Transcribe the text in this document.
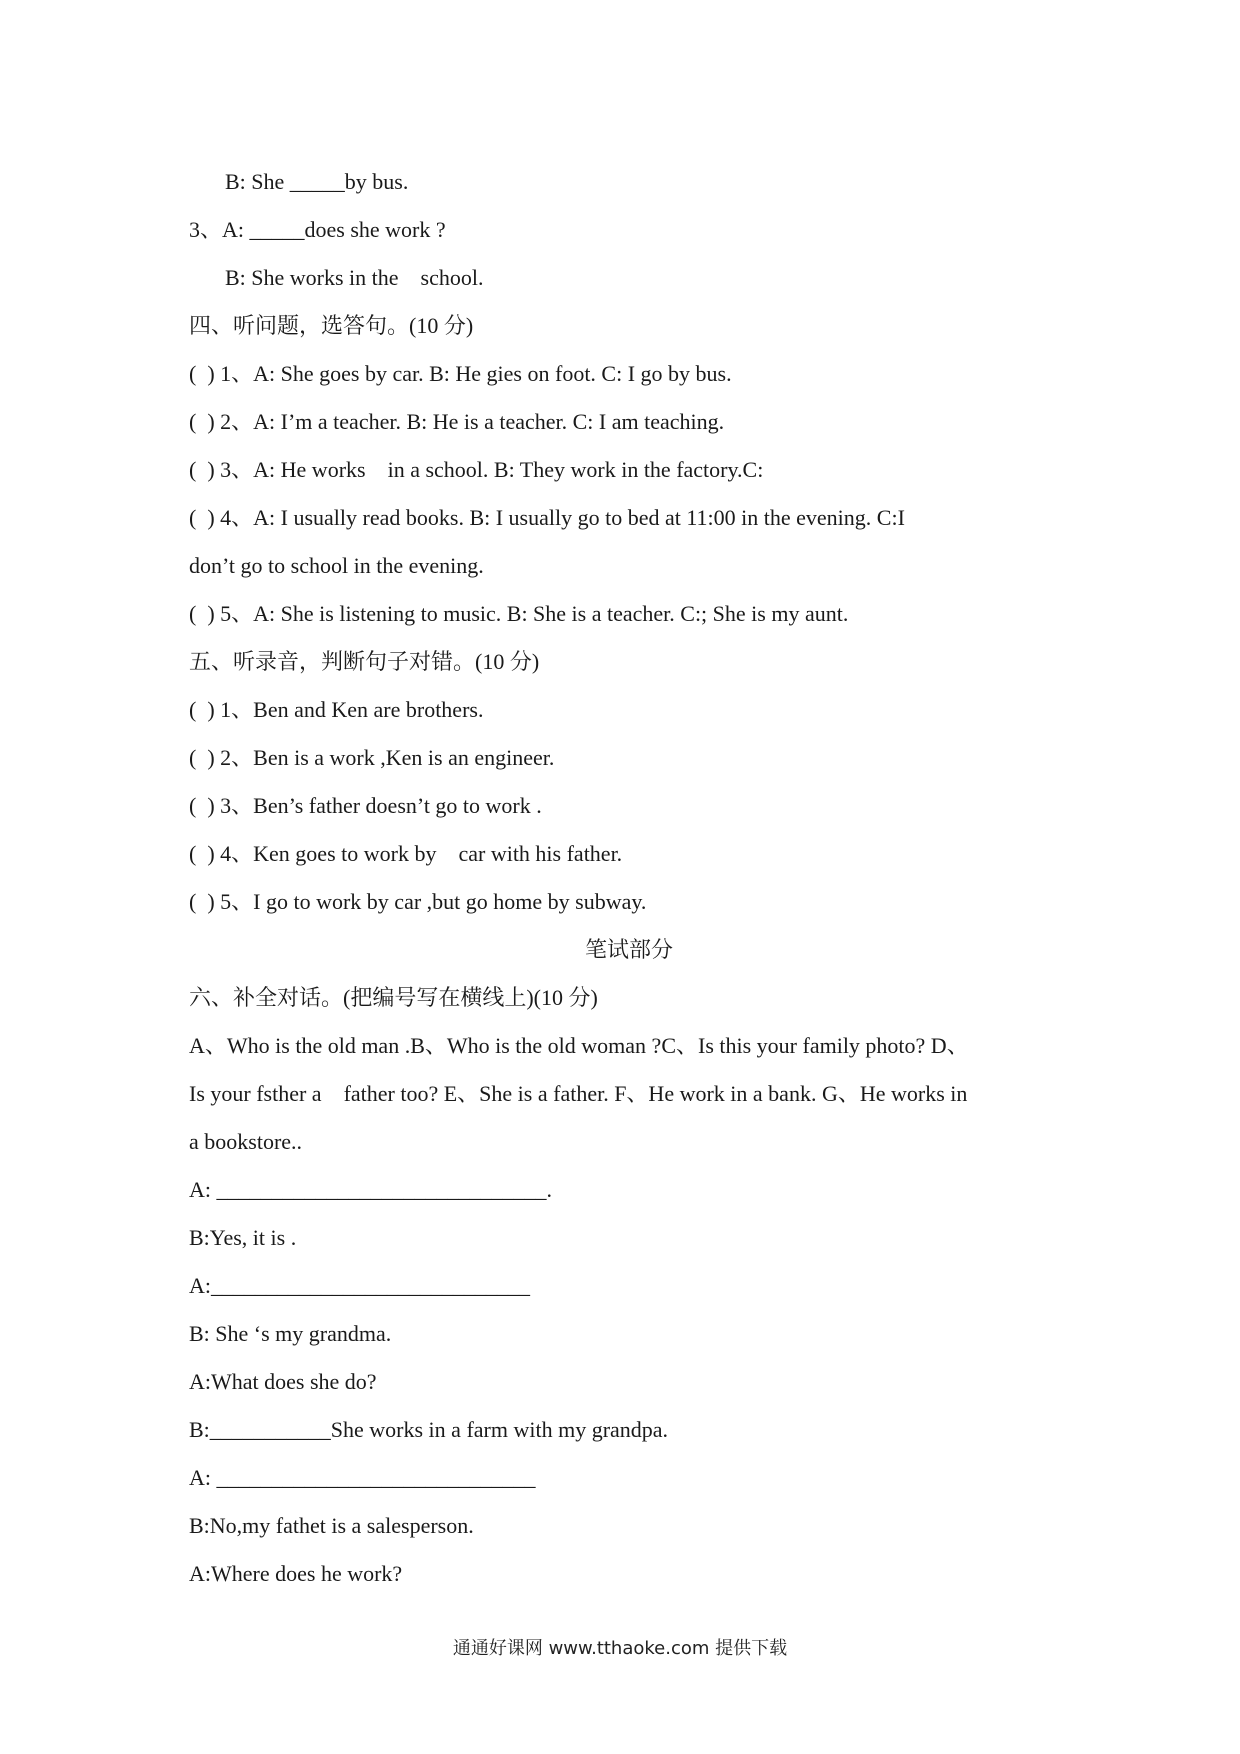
B: She _____by bus.
3、A: _____does she work ?
B: She works in the    school.
四、听问题，选答句。(10 分)
(  ) 1、A: She goes by car. B: He gies on foot. C: I go by bus.
(  ) 2、A: I’m a teacher. B: He is a teacher. C: I am teaching.
(  ) 3、A: He works    in a school. B: They work in the factory.C:
(  ) 4、A: I usually read books. B: I usually go to bed at 11:00 in the evening. C:I
don’t go to school in the evening.
(  ) 5、A: She is listening to music. B: She is a teacher. C:; She is my aunt.
五、听录音，判断句子对错。(10 分)
(  ) 1、Ben and Ken are brothers.
(  ) 2、Ben is a work ,Ken is an engineer.
(  ) 3、Ben’s father doesn’t go to work .
(  ) 4、Ken goes to work by    car with his father.
(  ) 5、I go to work by car ,but go home by subway.
笔试部分
六、补全对话。(把编号写在横线上)(10 分)
A、Who is the old man .B、Who is the old woman ?C、Is this your family photo? D、
Is your fsther a    father too? E、She is a father. F、He work in a bank. G、He works in
a bookstore..
A: ______________________________.
B:Yes, it is .
A:_____________________________
B: She ‘s my grandma.
A:What does she do?
B:___________She works in a farm with my grandpa.
A: _____________________________
B:No,my fathet is a salesperson.
A:Where does he work?
通通好课网 www.tthaoke.com 提供下载
